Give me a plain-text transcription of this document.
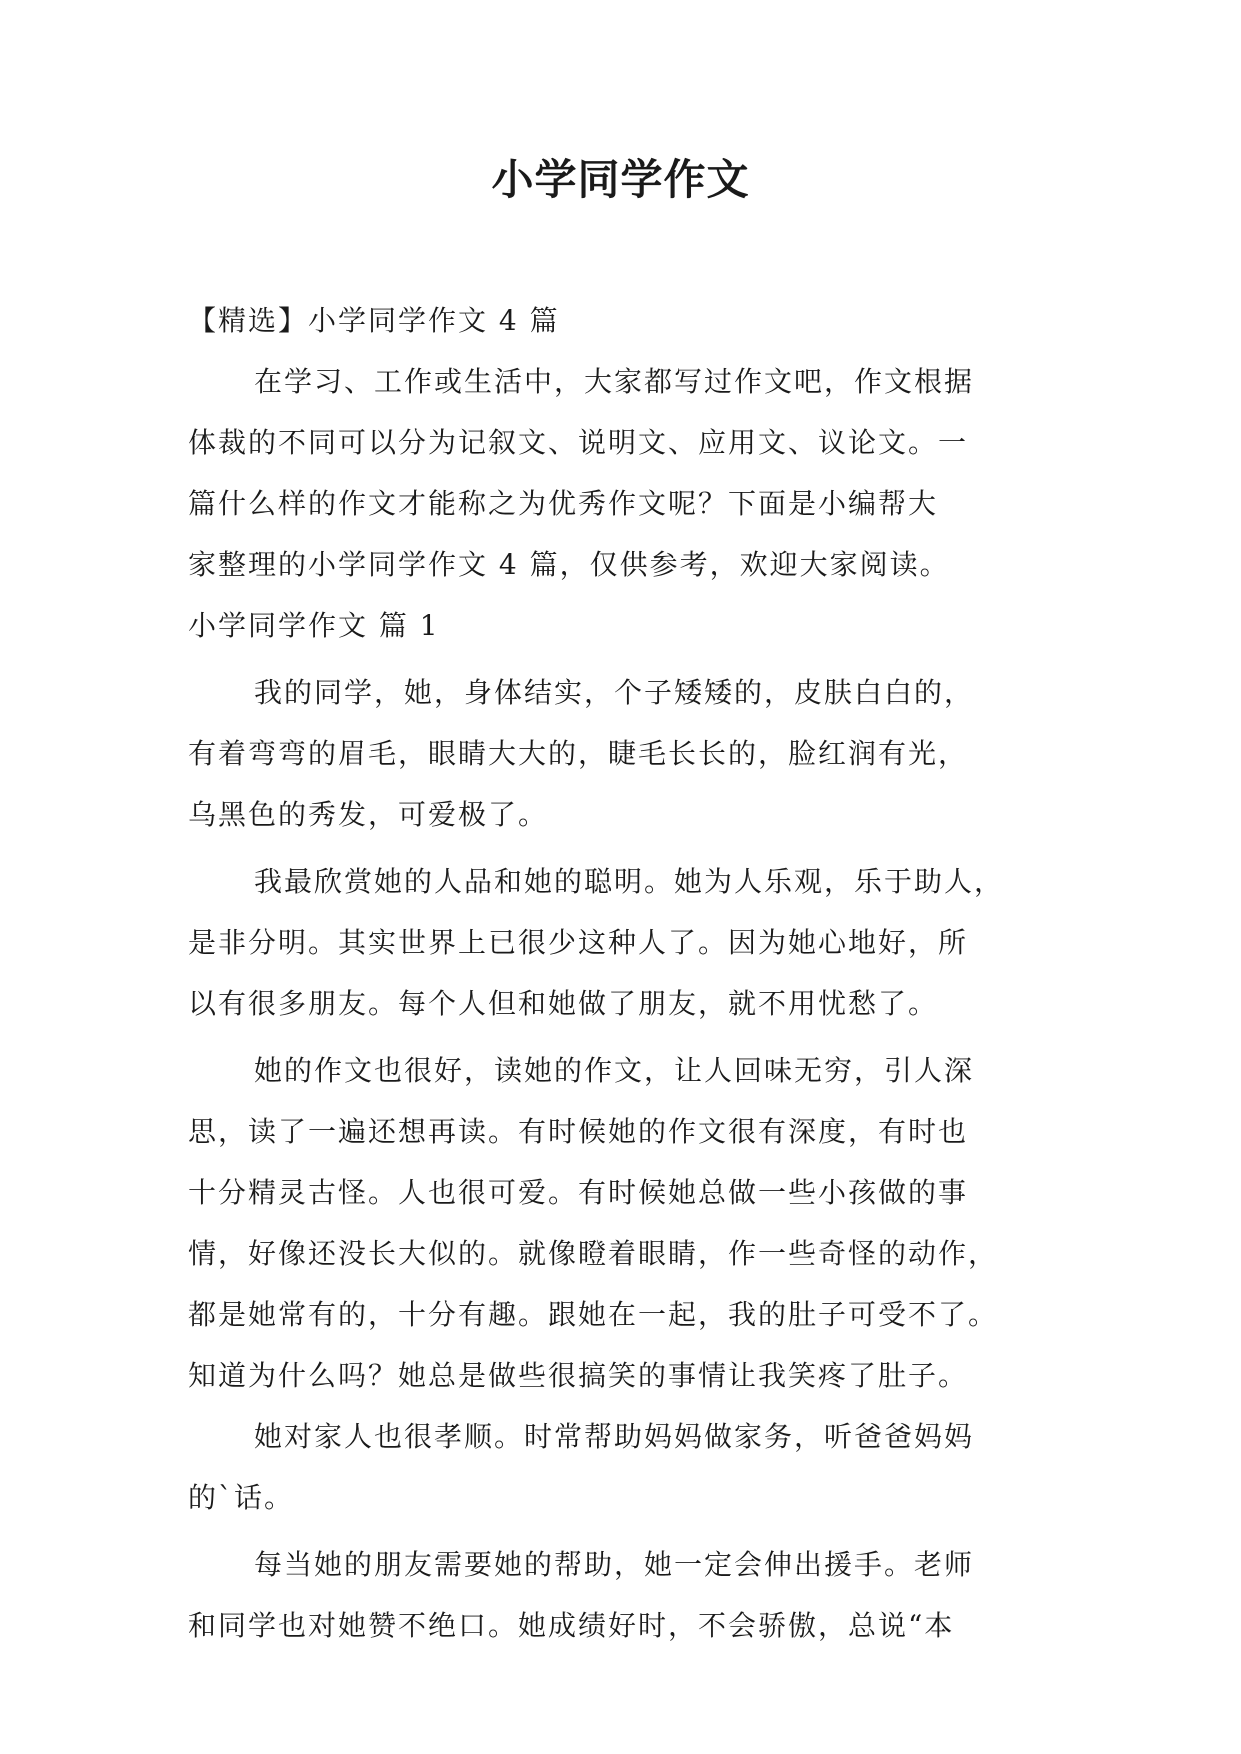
小学同学作文

【精选】小学同学作文 4 篇

在学习、工作或生活中，大家都写过作文吧，作文根据

体裁的不同可以分为记叙文、说明文、应用文、议论文。一

篇什么样的作文才能称之为优秀作文呢？下面是小编帮大

家整理的小学同学作文 4 篇，仅供参考，欢迎大家阅读。

小学同学作文 篇 1

我的同学，她，身体结实，个子矮矮的，皮肤白白的，

有着弯弯的眉毛，眼睛大大的，睫毛长长的，脸红润有光，

乌黑色的秀发，可爱极了。

我最欣赏她的人品和她的聪明。她为人乐观，乐于助人，

是非分明。其实世界上已很少这种人了。因为她心地好，所

以有很多朋友。每个人但和她做了朋友，就不用忧愁了。

她的作文也很好，读她的作文，让人回味无穷，引人深

思，读了一遍还想再读。有时候她的作文很有深度，有时也

十分精灵古怪。人也很可爱。有时候她总做一些小孩做的事

情，好像还没长大似的。就像瞪着眼睛，作一些奇怪的动作，

都是她常有的，十分有趣。跟她在一起，我的肚子可受不了。

知道为什么吗？她总是做些很搞笑的事情让我笑疼了肚子。

她对家人也很孝顺。时常帮助妈妈做家务，听爸爸妈妈

的`话。

每当她的朋友需要她的帮助，她一定会伸出援手。老师

和同学也对她赞不绝口。她成绩好时，不会骄傲，总说“本
